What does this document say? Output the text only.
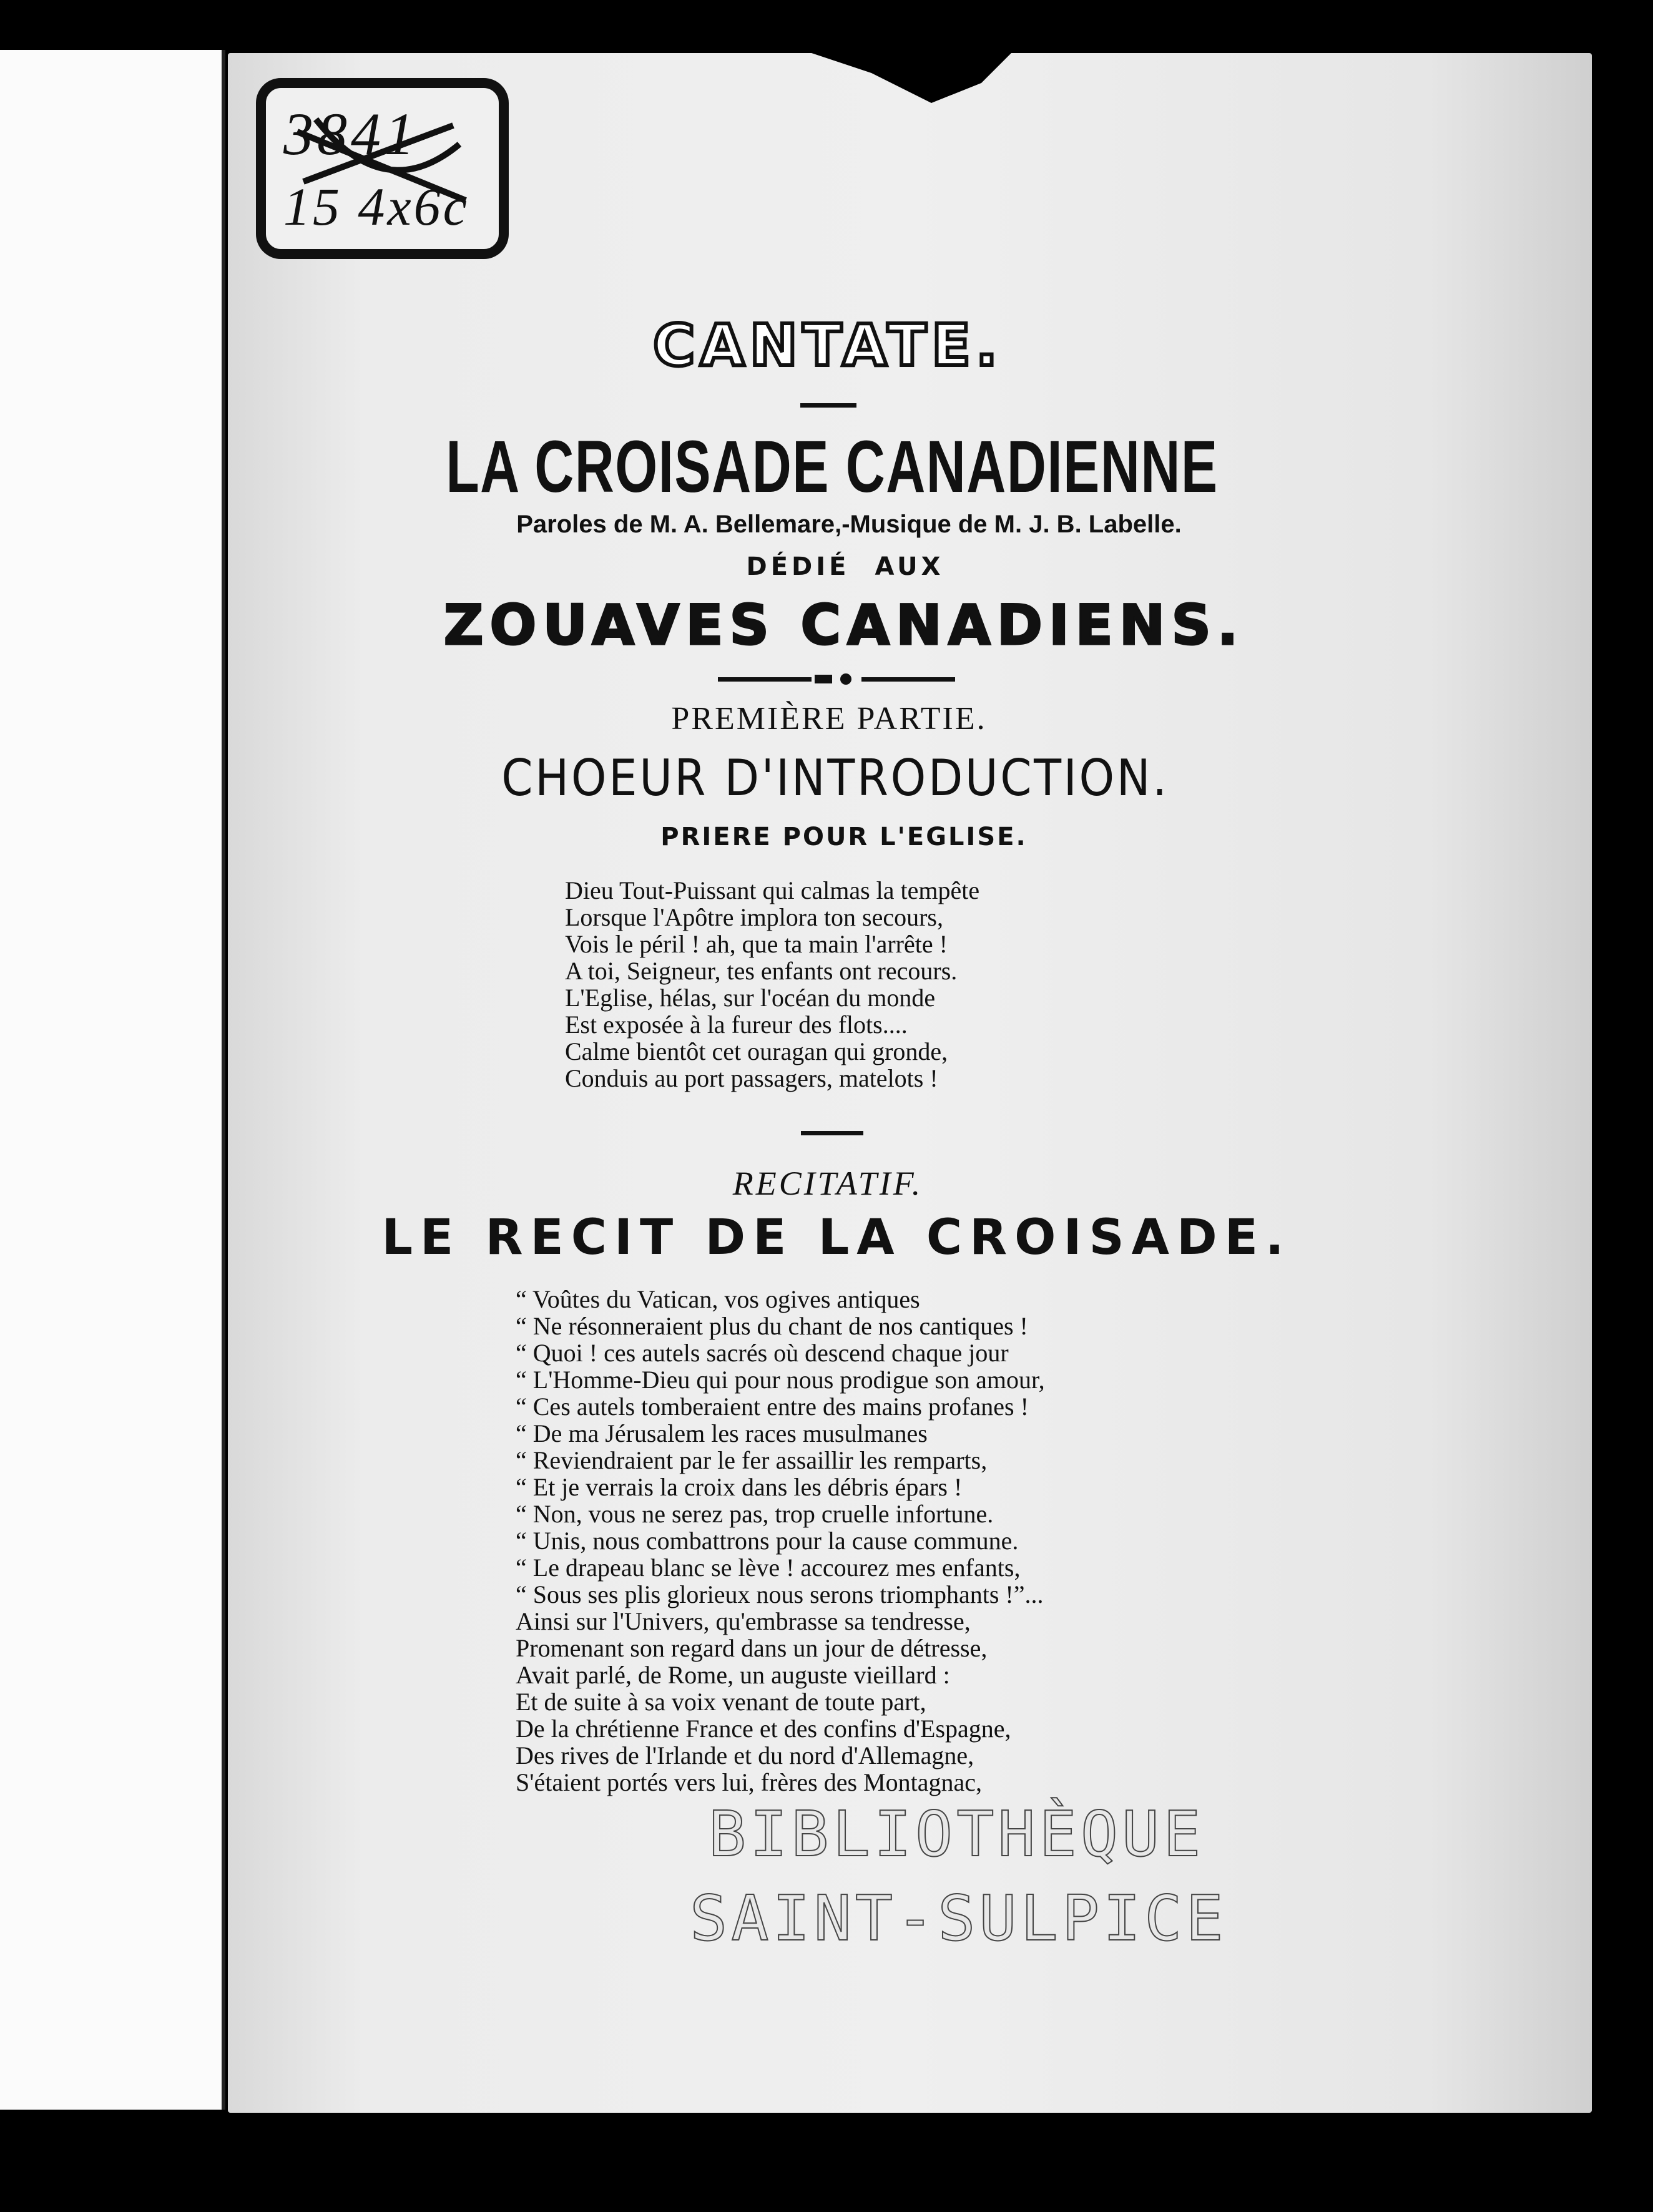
3841
15 4x6c
CANTATE.
LA CROISADE CANADIENNE
Paroles de M. A. Bellemare,-Musique de M. J. B. Labelle.
DÉDIÉ AUX
ZOUAVES CANADIENS.
PREMIÈRE PARTIE.
CHOEUR D'INTRODUCTION.
PRIERE POUR L'EGLISE.
Dieu Tout-Puissant qui calmas la tempête
Lorsque l'Apôtre implora ton secours,
Vois le péril ! ah, que ta main l'arrête !
A toi, Seigneur, tes enfants ont recours.
L'Eglise, hélas, sur l'océan du monde
Est exposée à la fureur des flots....
Calme bientôt cet ouragan qui gronde,
Conduis au port passagers, matelots !
RECITATIF.
LE RECIT DE LA CROISADE.
“ Voûtes du Vatican, vos ogives antiques
“ Ne résonneraient plus du chant de nos cantiques !
“ Quoi ! ces autels sacrés où descend chaque jour
“ L'Homme-Dieu qui pour nous prodigue son amour,
“ Ces autels tomberaient entre des mains profanes !
“ De ma Jérusalem les races musulmanes
“ Reviendraient par le fer assaillir les remparts,
“ Et je verrais la croix dans les débris épars !
“ Non, vous ne serez pas, trop cruelle infortune.
“ Unis, nous combattrons pour la cause commune.
“ Le drapeau blanc se lève ! accourez mes enfants,
“ Sous ses plis glorieux nous serons triomphants !”...
Ainsi sur l'Univers, qu'embrasse sa tendresse,
Promenant son regard dans un jour de détresse,
Avait parlé, de Rome, un auguste vieillard :
Et de suite à sa voix venant de toute part,
De la chrétienne France et des confins d'Espagne,
Des rives de l'Irlande et du nord d'Allemagne,
S'étaient portés vers lui, frères des Montagnac,
BIBLIOTHÈQUE
SAINT-SULPICE
